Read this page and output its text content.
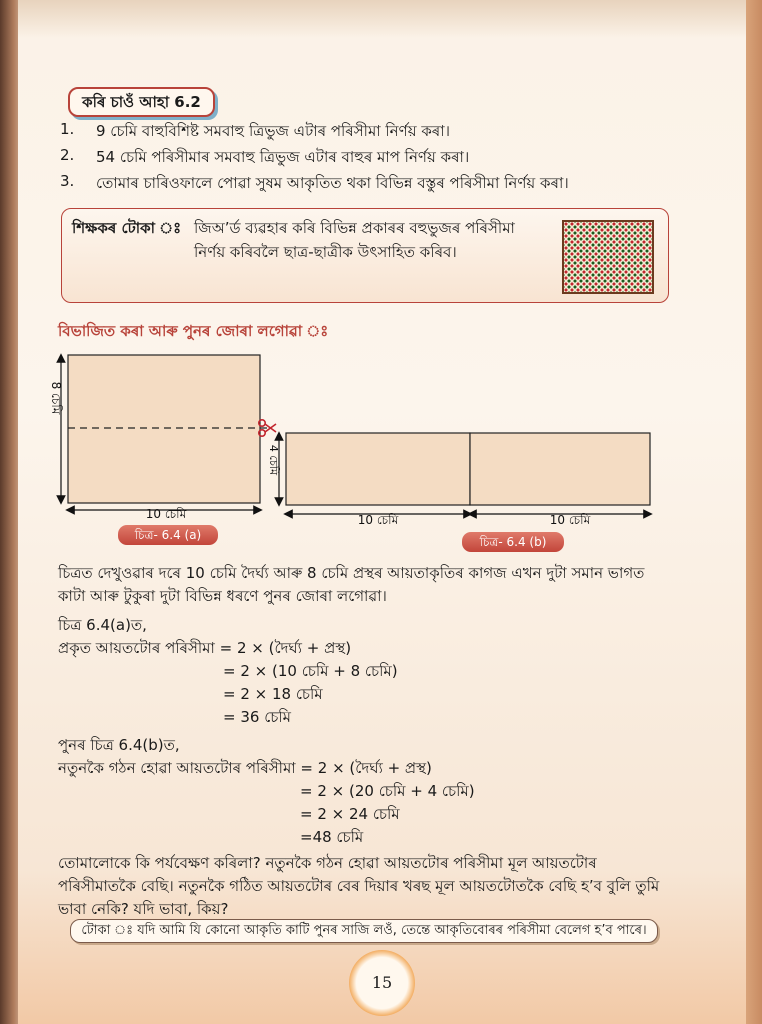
কৰি চাওঁ আহা 6.2
1. 9 চেমি বাহুবিশিষ্ট সমবাহু ত্ৰিভুজ এটাৰ পৰিসীমা নিৰ্ণয় কৰা।
2. 54 চেমি পৰিসীমাৰ সমবাহু ত্ৰিভুজ এটাৰ বাহুৰ মাপ নিৰ্ণয় কৰা।
3. তোমাৰ চাৰিওফালে পোৱা সুষম আকৃতিত থকা বিভিন্ন বস্তুৰ পৰিসীমা নিৰ্ণয় কৰা।
শিক্ষকৰ টোকা ঃ জিঅ’ৰ্ড ব্যৱহাৰ কৰি বিভিন্ন প্ৰকাৰৰ বহুভুজৰ পৰিসীমা
নিৰ্ণয় কৰিবলৈ ছাত্ৰ-ছাত্ৰীক উৎসাহিত কৰিব।
বিভাজিত কৰা আৰু পুনৰ জোৰা লগোৱা ঃ
8 চেমি
4 চেমি
10 চেমি	10 চেমি	10 চেমি
চিত্ৰ- 6.4 (a)	চিত্ৰ- 6.4 (b)
চিত্ৰত দেখুওৱাৰ দৰে 10 চেমি দৈৰ্ঘ্য আৰু 8 চেমি প্ৰস্থৰ আয়তাকৃতিৰ কাগজ এখন দুটা সমান ভাগত
কাটা আৰু টুকুৰা দুটা বিভিন্ন ধৰণে পুনৰ জোৰা লগোৱা।
চিত্ৰ 6.4(a)ত,
প্ৰকৃত আয়তটোৰ পৰিসীমা = 2 × (দৈৰ্ঘ্য + প্ৰস্থ)
= 2 × (10 চেমি + 8 চেমি)
= 2 × 18 চেমি
= 36 চেমি
পুনৰ চিত্ৰ 6.4(b)ত,
নতুনকৈ গঠন হোৱা আয়তটোৰ পৰিসীমা = 2 × (দৈৰ্ঘ্য + প্ৰস্থ)
= 2 × (20 চেমি + 4 চেমি)
= 2 × 24 চেমি
=48 চেমি
তোমালোকে কি পৰ্যবেক্ষণ কৰিলা? নতুনকৈ গঠন হোৱা আয়তটোৰ পৰিসীমা মূল আয়তটোৰ
পৰিসীমাতকৈ বেছি। নতুনকৈ গঠিত আয়তটোৰ বেৰ দিয়াৰ খৰছ মূল আয়তটোতকৈ বেছি হ’ব বুলি তুমি
ভাবা নেকি? যদি ভাবা, কিয়?
টোকা ঃ যদি আমি যি কোনো আকৃতি কাটি পুনৰ সাজি লওঁ, তেন্তে আকৃতিবোৰৰ পৰিসীমা বেলেগ হ’ব পাৰে।
15
